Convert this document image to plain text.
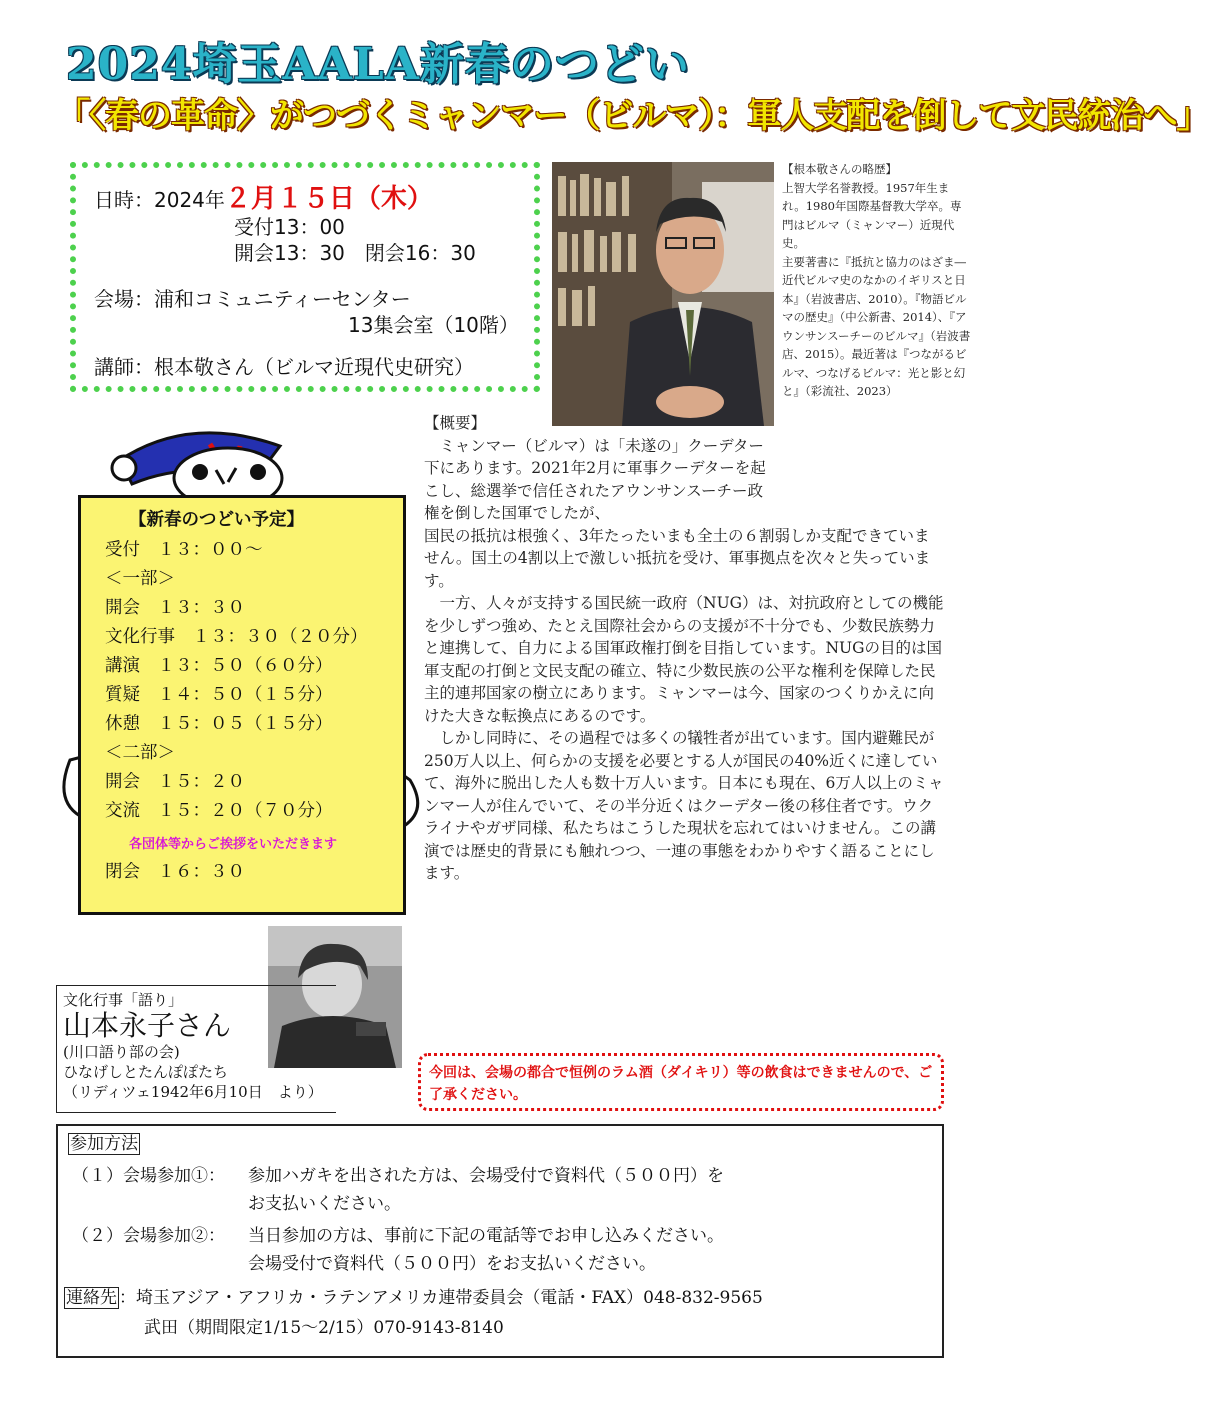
2024埼玉AALA新春のつどい
「〈春の革命〉がつづくミャンマー（ビルマ）：軍人支配を倒して文民統治へ」
日時：2024年２月１５日（木）
受付13：00
開会13：30　閉会16：30
会場：浦和コミュニティーセンター
13集会室（10階）
講師：根本敬さん（ビルマ近現代史研究）
【根本敬さんの略歴】
上智大学名誉教授。1957年生まれ。1980年国際基督教大学卒。専門はビルマ（ミャンマー）近現代史。
主要著書に『抵抗と協力のはざま―近代ビルマ史のなかのイギリスと日本』（岩波書店、2010）。『物語ビルマの歴史』（中公新書、2014）、『アウンサンスーチーのビルマ』（岩波書店、2015）。最近著は『つながるビルマ、つなげるビルマ：光と影と幻と』（彩流社、2023）
【概要】

ミャンマー（ビルマ）は「未遂の」クーデター下にあります。2021年2月に軍事クーデターを起こし、総選挙で信任されたアウンサンスーチー政権を倒した国軍でしたが、

国民の抵抗は根強く、3年たったいまも全土の６割弱しか支配できていません。国土の4割以上で激しい抵抗を受け、軍事拠点を次々と失っています。

一方、人々が支持する国民統一政府（NUG）は、対抗政府としての機能を少しずつ強め、たとえ国際社会からの支援が不十分でも、少数民族勢力と連携して、自力による国軍政権打倒を目指しています。NUGの目的は国軍支配の打倒と文民支配の確立、特に少数民族の公平な権利を保障した民主的連邦国家の樹立にあります。ミャンマーは今、国家のつくりかえに向けた大きな転換点にあるのです。

しかし同時に、その過程では多くの犠牲者が出ています。国内避難民が250万人以上、何らかの支援を必要とする人が国民の40%近くに達していて、海外に脱出した人も数十万人います。日本にも現在、6万人以上のミャンマー人が住んでいて、その半分近くはクーデター後の移住者です。ウクライナやガザ同様、私たちはこうした現状を忘れてはいけません。この講演では歴史的背景にも触れつつ、一連の事態をわかりやすく語ることにします。

【新春のつどい予定】
受付　１３：００～
＜一部＞
開会　１３：３０
文化行事　１３：３０（２０分）
講演　１３：５０（６０分）
質疑　１４：５０（１５分）
休憩　１５：０５（１５分）
＜二部＞
開会　１５：２０
交流　１５：２０（７０分）
各団体等からご挨拶をいただきます
閉会　１６：３０
文化行事「語り」
山本永子さん
(川口語り部の会)
ひなげしとたんぽぽたち
（リディツェ1942年6月10日　より）
今回は、会場の都合で恒例のラム酒（ダイキリ）等の飲食はできませんので、ご了承ください。
参加方法
（１）会場参加①： 参加ハガキを出された方は、会場受付で資料代（５００円）を
お支払いください。
（２）会場参加②： 当日参加の方は、事前に下記の電話等でお申し込みください。
会場受付で資料代（５００円）をお支払いください。
連絡先 ：埼玉アジア・アフリカ・ラテンアメリカ連帯委員会（電話・FAX）048-832-9565
武田（期間限定1/15～2/15）070-9143-8140
